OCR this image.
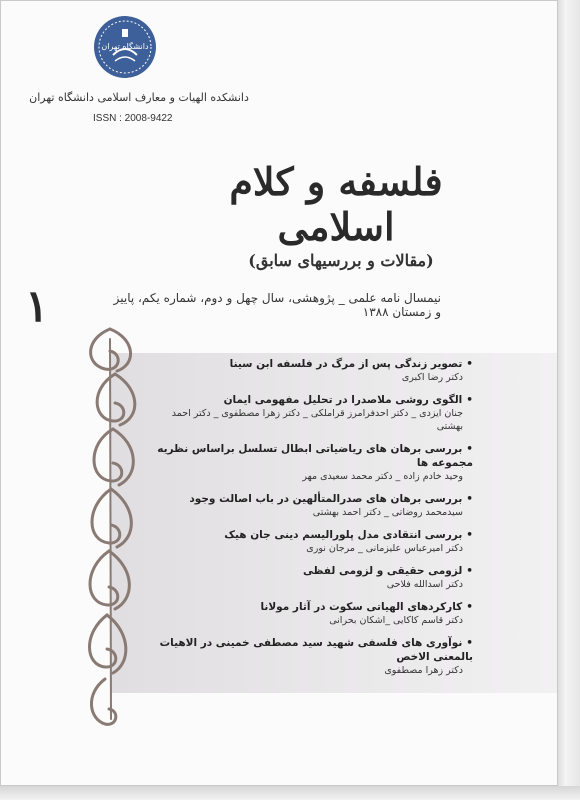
دانشگاه تهران
دانشکده الهیات و معارف اسلامی دانشگاه تهران
ISSN : 2008-9422
فلسفه و کلام اسلامی
(مقالات و بررسیهای سابق)
نیمسال نامه علمی _ پژوهشی، سال چهل و دوم، شماره یکم، پاییز و زمستان ۱۳۸۸
۱
• تصویر زندگی پس از مرگ در فلسفه ابن سینا
دکتر رضا اکبری
• الگوی روشی ملاصدرا در تحلیل مفهومی ایمان
جنان ایزدی _ دکتر احدفرامرز قراملکی _ دکتر زهرا مصطفوی _ دکتر احمد بهشتی
• بررسی برهان های ریاضیاتی ابطال تسلسل براساس نظریه مجموعه ها
وحید خادم زاده _ دکتر محمد سعیدی مهر
• بررسی برهان های صدرالمتألهین در باب اصالت وجود
سیدمحمد روضاتی _ دکتر احمد بهشتی
• بررسی انتقادی مدل پلورالیسم دینی جان هیک
دکتر امیرعباس علیزمانی _ مرجان نوری
• لزومی حقیقی و لزومی لفظی
دکتر اسدالله فلاحی
• کارکردهای الهیاتی سکوت در آثار مولانا
دکتر قاسم کاکایی _اشکان بحرانی
• نوآوری های فلسفی شهید سید مصطفی خمینی در الاهیات بالمعنی الاخص
دکتر زهرا مصطفوی
